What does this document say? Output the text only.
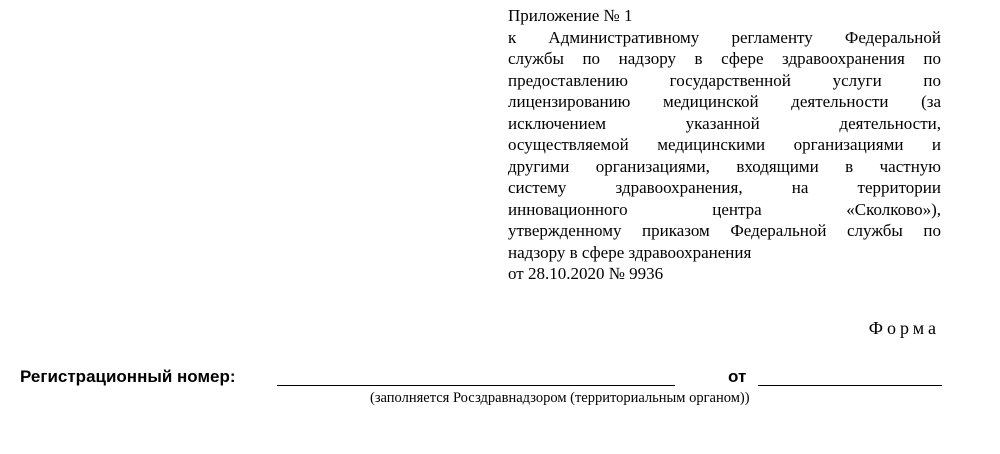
Приложение № 1
к Административному регламенту Федеральной
службы по надзору в сфере здравоохранения по
предоставлению государственной услуги по
лицензированию медицинской деятельности (за
исключением указанной деятельности,
осуществляемой медицинскими организациями и
другими организациями, входящими в частную
систему здравоохранения, на территории
инновационного центра «Сколково»),
утвержденному приказом Федеральной службы по
надзору в сфере здравоохранения
от 28.10.2020 № 9936
Форма
Регистрационный номер:	от
(заполняется Росздравнадзором (территориальным органом))
